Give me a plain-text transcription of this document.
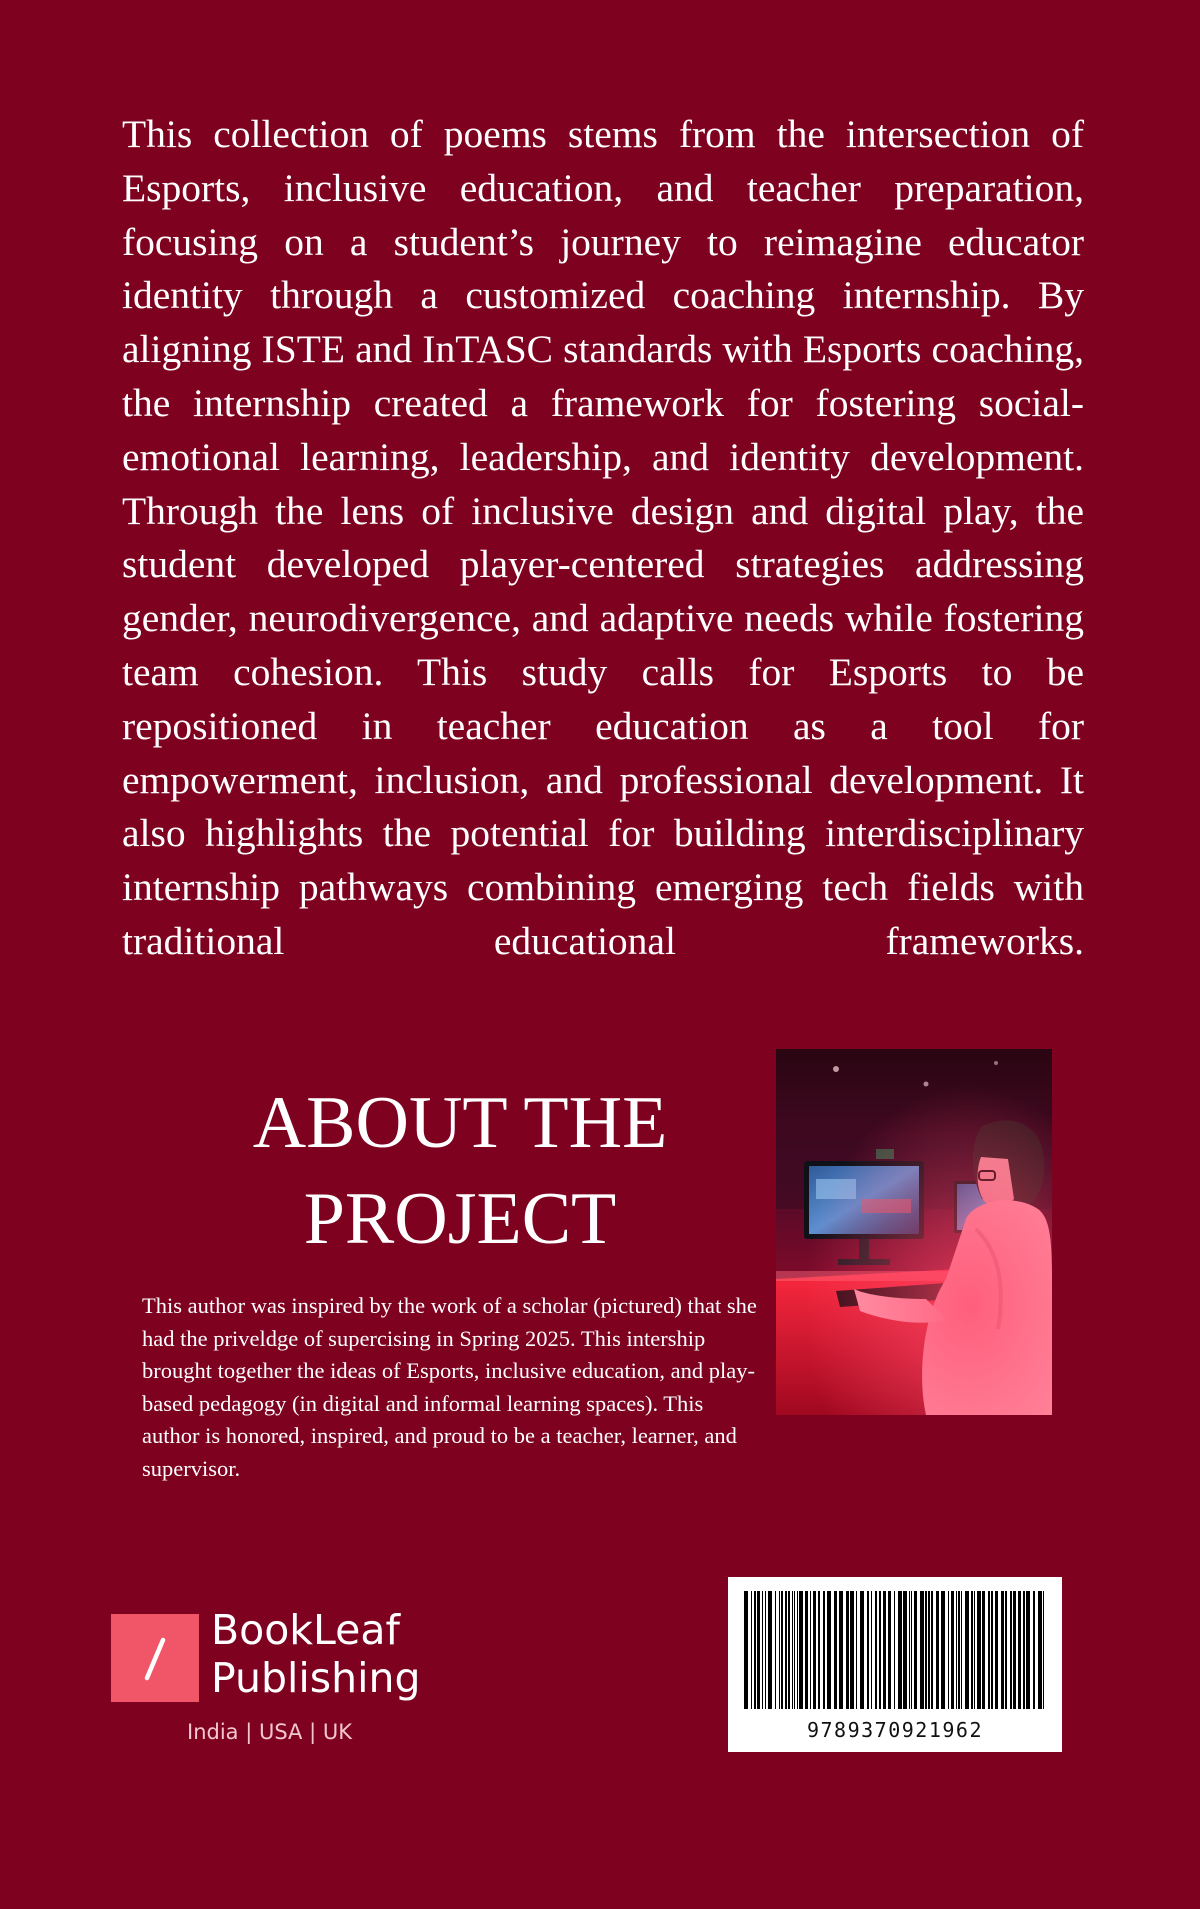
This collection of poems stems from the intersection of Esports, inclusive education, and teacher preparation, focusing on a student’s journey to reimagine educator identity through a customized coaching internship. By aligning ISTE and InTASC standards with Esports coaching, the internship created a framework for fostering social-emotional learning, leadership, and identity development. Through the lens of inclusive design and digital play, the student developed player-centered strategies addressing gender, neurodivergence, and adaptive needs while fostering team cohesion. This study calls for Esports to be repositioned in teacher education as a tool for empowerment, inclusion, and professional development. It also highlights the potential for building interdisciplinary internship pathways combining emerging tech fields with traditional educational frameworks.

ABOUT THE
PROJECT

This author was inspired by the work of a scholar (pictured) that she had the priveldge of supercising in Spring 2025. This intership brought together the ideas of Esports, inclusive education, and play-based pedagogy (in digital and informal learning spaces). This author is honored, inspired, and proud to be a teacher, learner, and supervisor.

BookLeaf
Publishing
India | USA | UK	9789370921962
